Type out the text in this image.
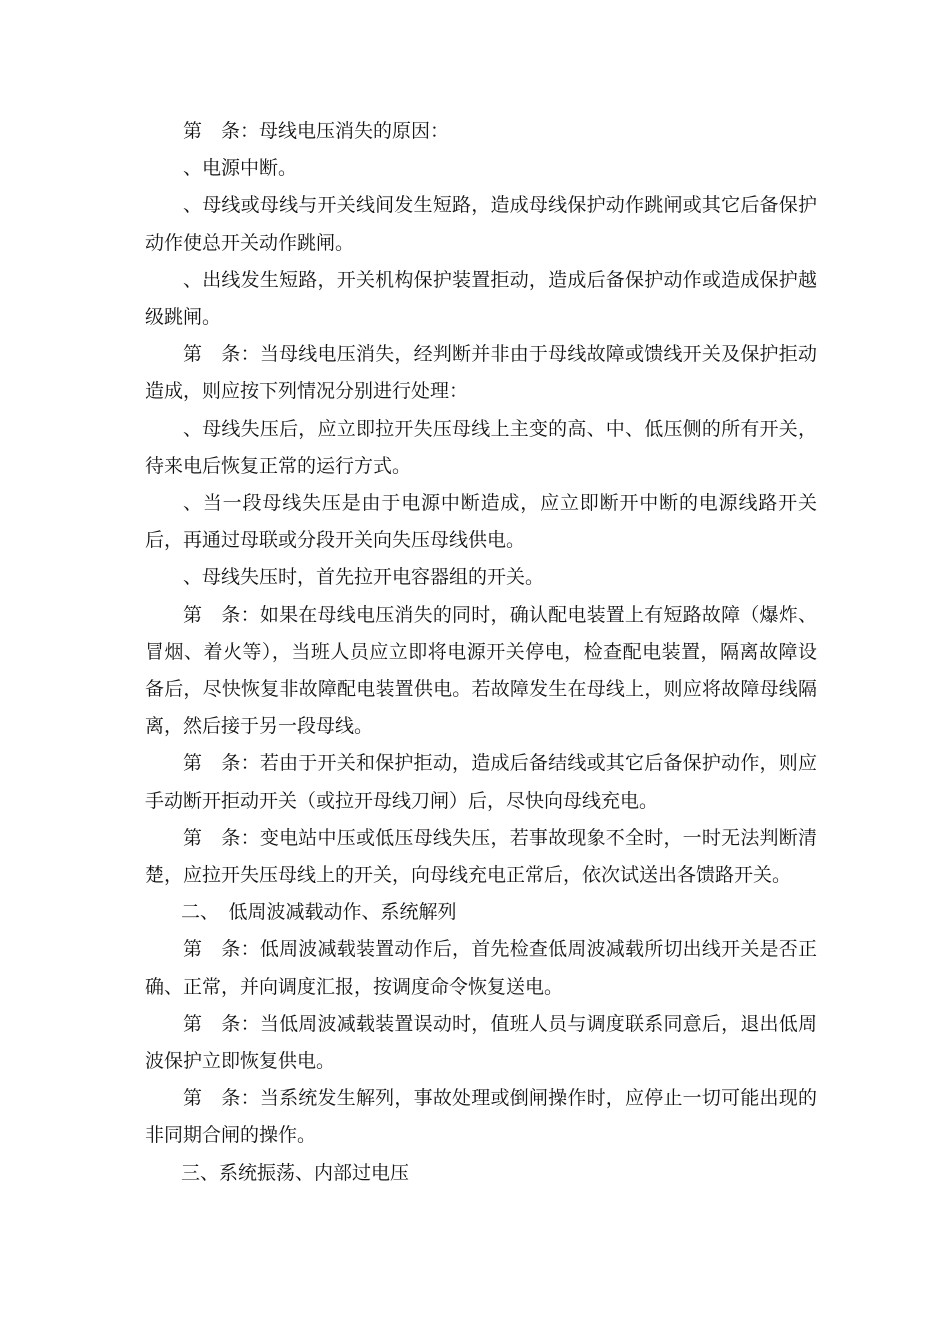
第　条：母线电压消失的原因：

、电源中断。

、母线或母线与开关线间发生短路，造成母线保护动作跳闸或其它后备保护动作使总开关动作跳闸。

、出线发生短路，开关机构保护装置拒动，造成后备保护动作或造成保护越级跳闸。

第　条：当母线电压消失，经判断并非由于母线故障或馈线开关及保护拒动造成，则应按下列情况分别进行处理：

、母线失压后，应立即拉开失压母线上主变的高、中、低压侧的所有开关，待来电后恢复正常的运行方式。

、当一段母线失压是由于电源中断造成，应立即断开中断的电源线路开关后，再通过母联或分段开关向失压母线供电。

、母线失压时，首先拉开电容器组的开关。

第　条：如果在母线电压消失的同时，确认配电装置上有短路故障（爆炸、冒烟、着火等），当班人员应立即将电源开关停电，检查配电装置，隔离故障设备后，尽快恢复非故障配电装置供电。若故障发生在母线上，则应将故障母线隔离，然后接于另一段母线。

第　条：若由于开关和保护拒动，造成后备结线或其它后备保护动作，则应手动断开拒动开关（或拉开母线刀闸）后，尽快向母线充电。

第　条：变电站中压或低压母线失压，若事故现象不全时，一时无法判断清楚，应拉开失压母线上的开关，向母线充电正常后，依次试送出各馈路开关。

二、　低周波减载动作、系统解列

第　条：低周波减载装置动作后，首先检查低周波减载所切出线开关是否正确、正常，并向调度汇报，按调度命令恢复送电。

第　条：当低周波减载装置误动时，值班人员与调度联系同意后，退出低周波保护立即恢复供电。

第　条：当系统发生解列，事故处理或倒闸操作时，应停止一切可能出现的非同期合闸的操作。

三、系统振荡、内部过电压
